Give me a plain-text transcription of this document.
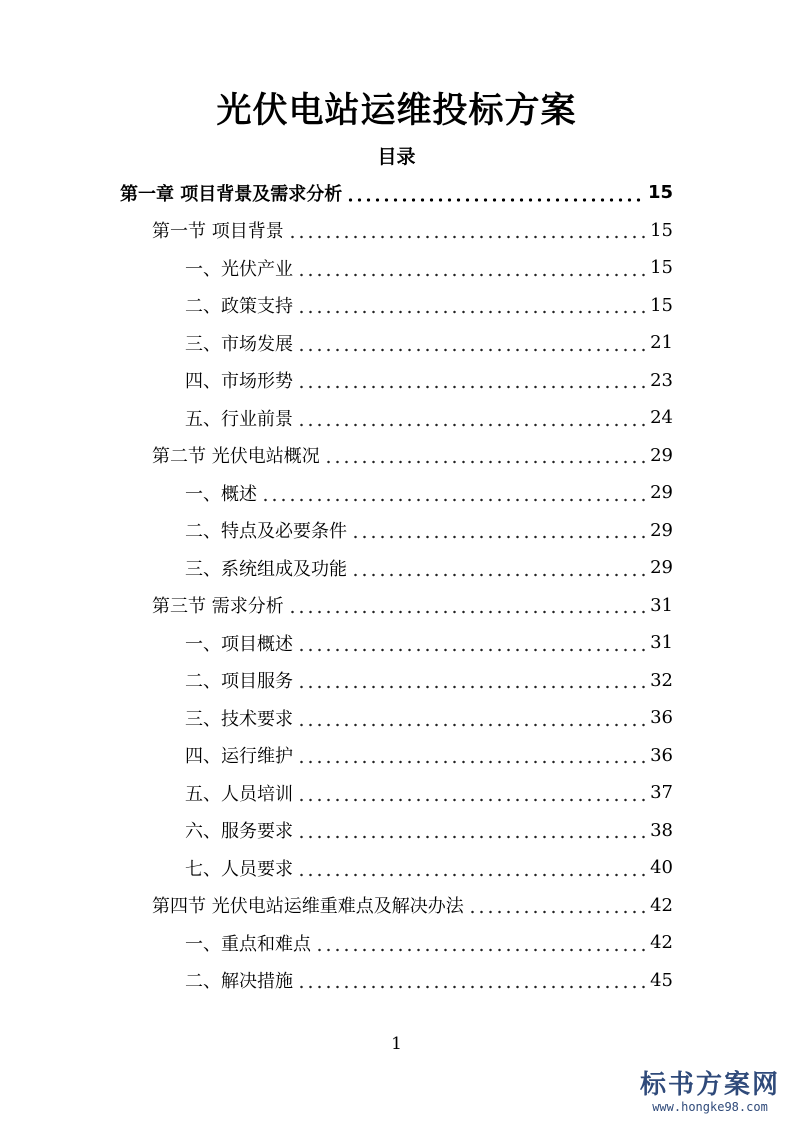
光伏电站运维投标方案
目录
第一章 项目背景及需求分析	15
第一节 项目背景	15
一、光伏产业	15
二、政策支持	15
三、市场发展	21
四、市场形势	23
五、行业前景	24
第二节 光伏电站概况	29
一、概述	29
二、特点及必要条件	29
三、系统组成及功能	29
第三节 需求分析	31
一、项目概述	31
二、项目服务	32
三、技术要求	36
四、运行维护	36
五、人员培训	37
六、服务要求	38
七、人员要求	40
第四节 光伏电站运维重难点及解决办法	42
一、重点和难点	42
二、解决措施	45
1
标书方案网
www.hongke98.com
